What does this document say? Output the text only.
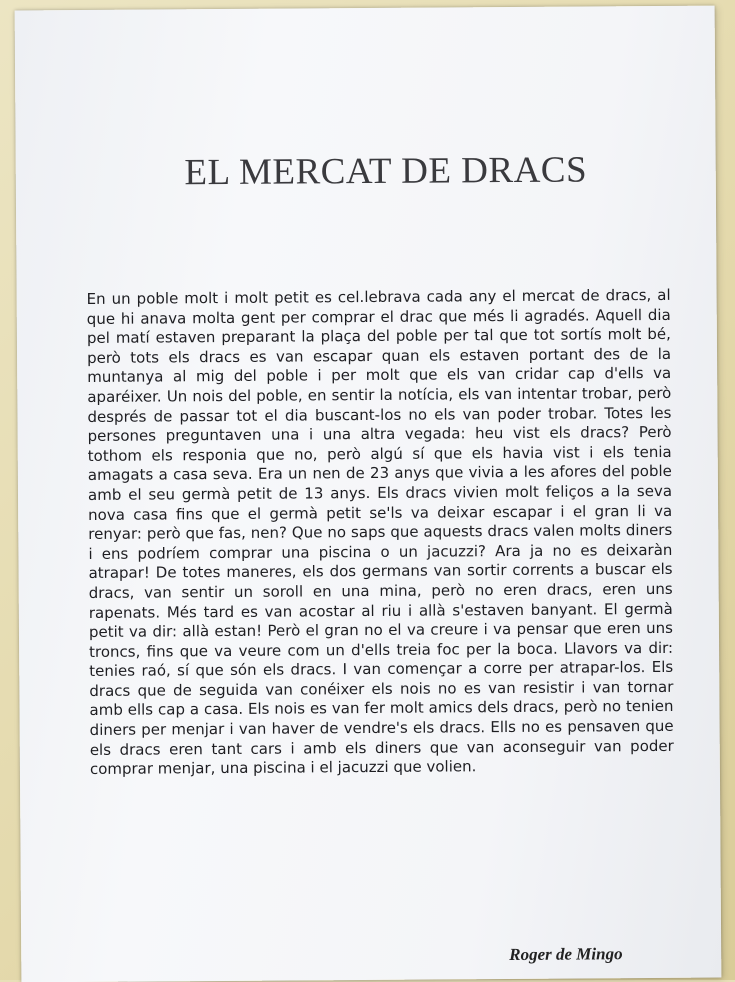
EL MERCAT DE DRACS
En un poble molt i molt petit es cel.lebrava cada any el mercat de dracs, al que hi anava molta gent per comprar el drac que més li agradés. Aquell dia pel matí estaven preparant la plaça del poble per tal que tot sortís molt bé, però tots els dracs es van escapar quan els estaven portant des de la muntanya al mig del poble i per molt que els van cridar cap d'ells va aparéixer. Un nois del poble, en sentir la notícia, els van intentar trobar, però després de passar tot el dia buscant-los no els van poder trobar. Totes les persones preguntaven una i una altra vegada: heu vist els dracs? Però tothom els responia que no, però algú sí que els havia vist i els tenia amagats a casa seva. Era un nen de 23 anys que vivia a les afores del poble amb el seu germà petit de 13 anys. Els dracs vivien molt feliços a la seva nova casa fins que el germà petit se'ls va deixar escapar i el gran li va renyar: però que fas, nen? Que no saps que aquests dracs valen molts diners i ens podríem comprar una piscina o un jacuzzi? Ara ja no es deixaràn atrapar! De totes maneres, els dos germans van sortir corrents a buscar els dracs, van sentir un soroll en una mina, però no eren dracs, eren uns rapenats. Més tard es van acostar al riu i allà s'estaven banyant. El germà petit va dir: allà estan! Però el gran no el va creure i va pensar que eren uns troncs, fins que va veure com un d'ells treia foc per la boca. Llavors va dir: tenies raó, sí que són els dracs. I van començar a corre per atrapar-los. Els dracs que de seguida van conéixer els nois no es van resistir i van tornar amb ells cap a casa. Els nois es van fer molt amics dels dracs, però no tenien diners per menjar i van haver de vendre's els dracs. Ells no es pensaven que els dracs eren tant cars i amb els diners que van aconseguir van poder comprar menjar, una piscina i el jacuzzi que volien.
Roger de Mingo
